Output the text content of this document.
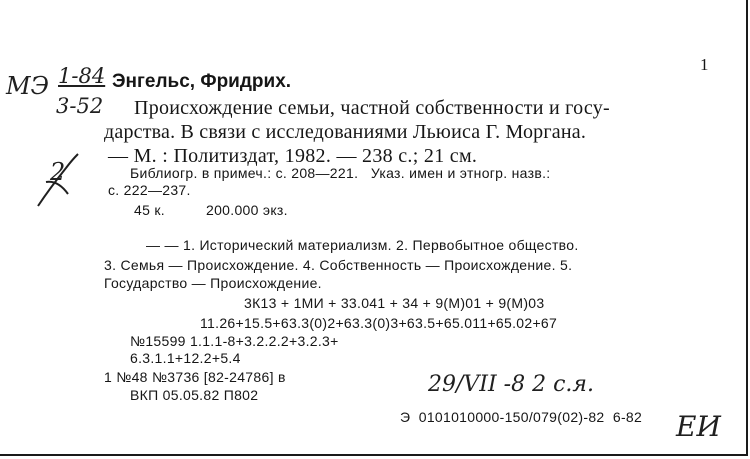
ΜЭ 1-84
3-52
2
29/VII -8 2 с.я.
ЕИ
1
Энгельс, Фридрих.
Происхождение семьи, частной собственности и госу-
дарства. В связи с исследованиями Льюиса Г. Моргана.
— М. : Политиздат, 1982. — 238 с.; 21 см.
Библиогр. в примеч.: с. 208—221.   Указ. имен и этногр. назв.:
с. 222—237.
45 к.	200.000 экз.
— — 1. Исторический материализм. 2. Первобытное общество.
3. Семья — Происхождение. 4. Собственность — Происхождение. 5.
Государство — Происхождение.
3К13 + 1МИ + 33.041 + 34 + 9(М)01 + 9(М)03
11.26+15.5+63.3(0)2+63.3(0)3+63.5+65.011+65.02+67
№15599 1.1.1-8+3.2.2.2+3.2.3+
6.3.1.1+12.2+5.4
1 №48 №3736 [82-24786] в
ВКП 05.05.82 П802
Э  0101010000-150/079(02)-82  6-82
